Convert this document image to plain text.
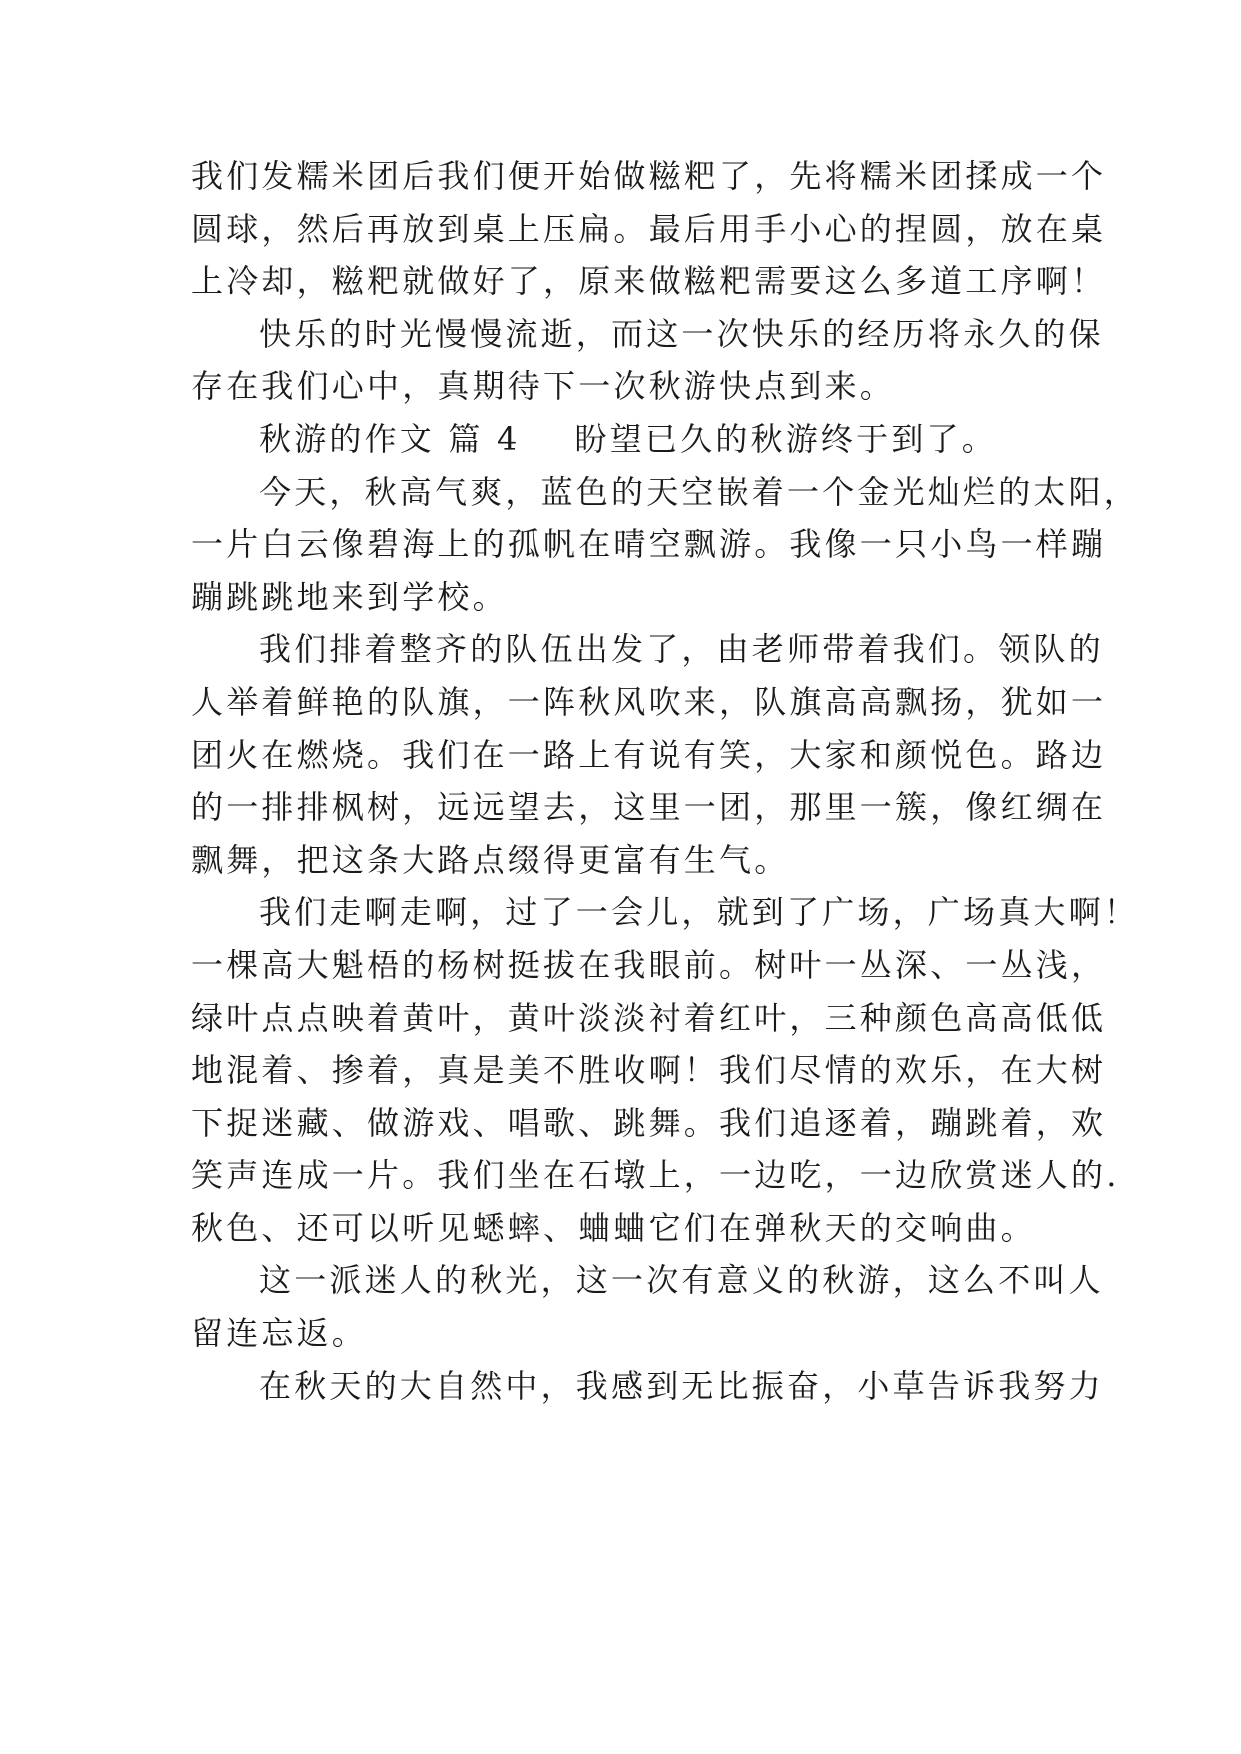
我们发糯米团后我们便开始做糍粑了，先将糯米团揉成一个
圆球，然后再放到桌上压扁。最后用手小心的捏圆，放在桌
上冷却，糍粑就做好了，原来做糍粑需要这么多道工序啊！
快乐的时光慢慢流逝，而这一次快乐的经历将永久的保
存在我们心中，真期待下一次秋游快点到来。
秋游的作文 篇 4 盼望已久的秋游终于到了。
今天，秋高气爽，蓝色的天空嵌着一个金光灿烂的太阳，
一片白云像碧海上的孤帆在晴空飘游。我像一只小鸟一样蹦
蹦跳跳地来到学校。
我们排着整齐的队伍出发了，由老师带着我们。领队的
人举着鲜艳的队旗，一阵秋风吹来，队旗高高飘扬，犹如一
团火在燃烧。我们在一路上有说有笑，大家和颜悦色。路边
的一排排枫树，远远望去，这里一团，那里一簇，像红绸在
飘舞，把这条大路点缀得更富有生气。
我们走啊走啊，过了一会儿，就到了广场，广场真大啊！
一棵高大魁梧的杨树挺拔在我眼前。树叶一丛深、一丛浅，
绿叶点点映着黄叶，黄叶淡淡衬着红叶，三种颜色高高低低
地混着、掺着，真是美不胜收啊！我们尽情的欢乐，在大树
下捉迷藏、做游戏、唱歌、跳舞。我们追逐着，蹦跳着，欢
笑声连成一片。我们坐在石墩上，一边吃，一边欣赏迷人的.
秋色、还可以听见蟋蟀、蛐蛐它们在弹秋天的交响曲。
这一派迷人的秋光，这一次有意义的秋游，这么不叫人
留连忘返。
在秋天的大自然中，我感到无比振奋，小草告诉我努力
